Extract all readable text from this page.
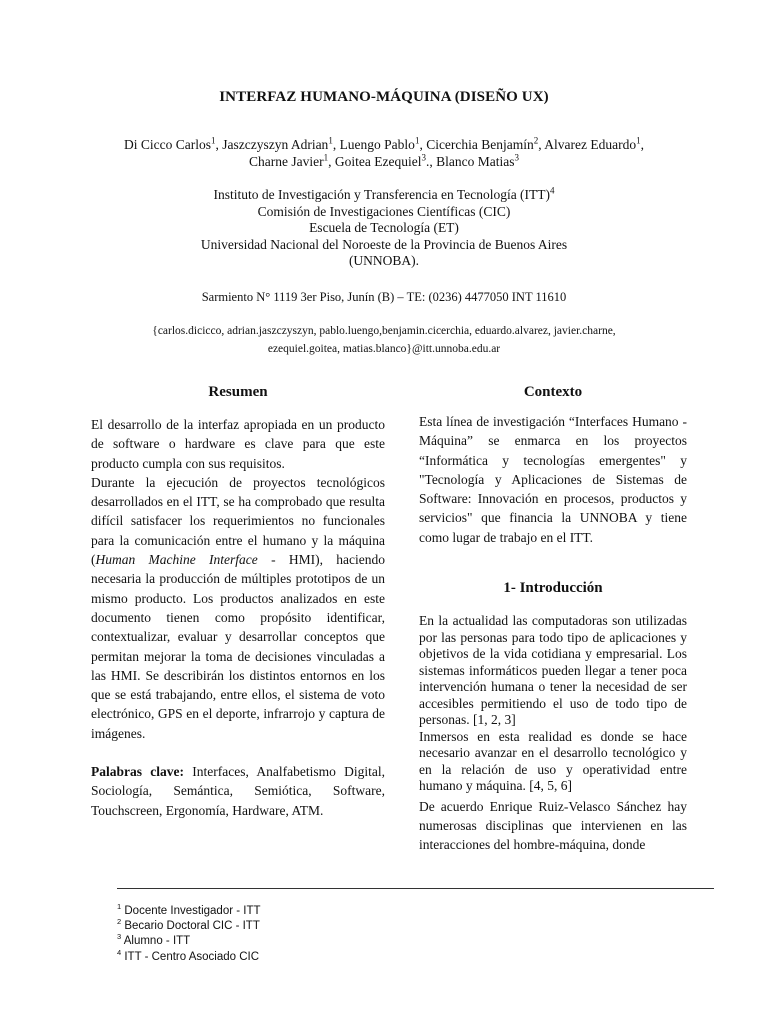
INTERFAZ HUMANO-MÁQUINA (DISEÑO UX)
Di Cicco Carlos$^1$, Jaszczyszyn Adrian$^1$, Luengo Pablo$^1$, Cicerchia Benjamín$^2$, Alvarez Eduardo$^1$,
Charne Javier$^1$, Goitea Ezequiel$^3$., Blanco Matias$^3$
Instituto de Investigación y Transferencia en Tecnología (ITT)$^4$
Comisión de Investigaciones Científicas (CIC)
Escuela de Tecnología (ET)
Universidad Nacional del Noroeste de la Provincia de Buenos Aires
(UNNOBA).
Sarmiento N° 1119 3er Piso, Junín (B) – TE: (0236) 4477050 INT 11610
{carlos.dicicco, adrian.jaszczyszyn, pablo.luengo,benjamin.cicerchia, eduardo.alvarez, javier.charne,
ezequiel.goitea, matias.blanco}@itt.unnoba.edu.ar
Resumen

El desarrollo de la interfaz apropiada en un producto de software o hardware es clave para que este producto cumpla con sus requisitos.

Durante la ejecución de proyectos tecnológicos desarrollados en el ITT, se ha comprobado que resulta difícil satisfacer los requerimientos no funcionales para la comunicación entre el humano y la máquina (Human Machine Interface - HMI), haciendo necesaria la producción de múltiples prototipos de un mismo producto. Los productos analizados en este documento tienen como propósito identificar, contextualizar, evaluar y desarrollar conceptos que permitan mejorar la toma de decisiones vinculadas a las HMI. Se describirán los distintos entornos en los que se está trabajando, entre ellos, el sistema de voto electrónico, GPS en el deporte, infrarrojo y captura de imágenes.

Palabras clave: Interfaces, Analfabetismo Digital, Sociología, Semántica, Semiótica, Software, Touchscreen, Ergonomía, Hardware, ATM.

Contexto

Esta línea de investigación “Interfaces Humano - Máquina” se enmarca en los proyectos “Informática y tecnologías emergentes" y "Tecnología y Aplicaciones de Sistemas de Software: Innovación en procesos, productos y servicios" que financia la UNNOBA y tiene como lugar de trabajo en el ITT.

1- Introducción

En la actualidad las computadoras son utilizadas por las personas para todo tipo de aplicaciones y objetivos de la vida cotidiana y empresarial. Los sistemas informáticos pueden llegar a tener poca intervención humana o tener la necesidad de ser accesibles permitiendo el uso de todo tipo de personas. [1, 2, 3]

Inmersos en esta realidad es donde se hace necesario avanzar en el desarrollo tecnológico y en la relación de uso y operatividad entre humano y máquina. [4, 5, 6]

De acuerdo Enrique Ruiz-Velasco Sánchez hay numerosas disciplinas que intervienen en las interacciones del hombre-máquina, donde

$^1$ Docente Investigador - ITT
$^2$ Becario Doctoral CIC - ITT
$^3$ Alumno - ITT
$^4$ ITT - Centro Asociado CIC
